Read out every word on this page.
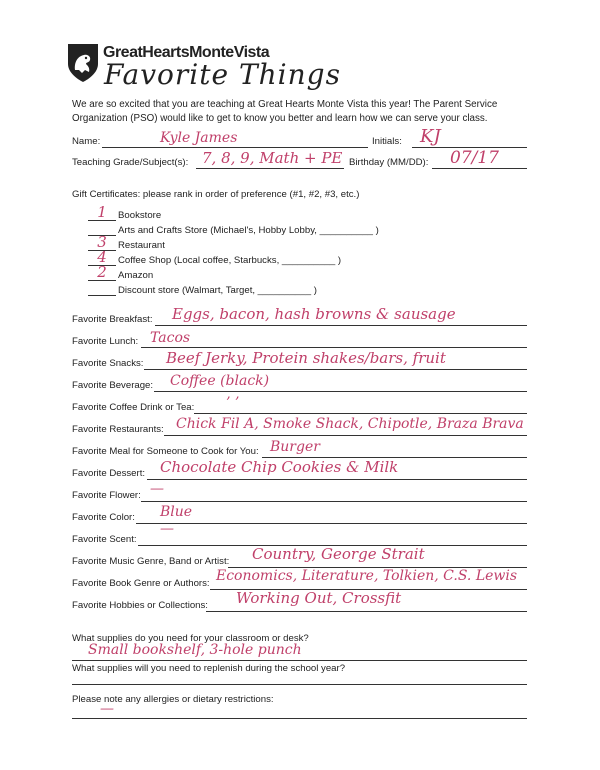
GreatHeartsMonteVista
Favorite Things
We are so excited that you are teaching at Great Hearts Monte Vista this year! The Parent Service Organization (PSO) would like to get to know you better and learn how we can serve your class.
Name:	Kyle James	Initials: KJ
Teaching Grade/Subject(s): 7, 8, 9, Math + PE Birthday (MM/DD): 07/17
Gift Certificates: please rank in order of preference (#1, #2, #3, etc.)
1	Bookstore
Arts and Crafts Store (Michael's, Hobby Lobby, __________ )
3	Restaurant
4	Coffee Shop (Local coffee, Starbucks, __________ )
2	Amazon
Discount store (Walmart, Target, __________ )
Favorite Breakfast: Eggs, bacon, hash browns & sausage
Favorite Lunch: Tacos
Favorite Snacks: Beef Jerky, Protein shakes/bars, fruit
Favorite Beverage: Coffee (black)
Favorite Coffee Drink or Tea: ’ ’
Favorite Restaurants: Chick Fil A, Smoke Shack, Chipotle, Braza Brava
Favorite Meal for Someone to Cook for You: Burger
Favorite Dessert: Chocolate Chip Cookies & Milk
Favorite Flower: —
Favorite Color: Blue
Favorite Scent:
—
Favorite Music Genre, Band or Artist: Country, George Strait
Favorite Book Genre or Authors: Economics, Literature, Tolkien, C.S. Lewis
Favorite Hobbies or Collections: Working Out, Crossfit
What supplies do you need for your classroom or desk?
Small bookshelf, 3-hole punch
What supplies will you need to replenish during the school year?
Please note any allergies or dietary restrictions:
—
